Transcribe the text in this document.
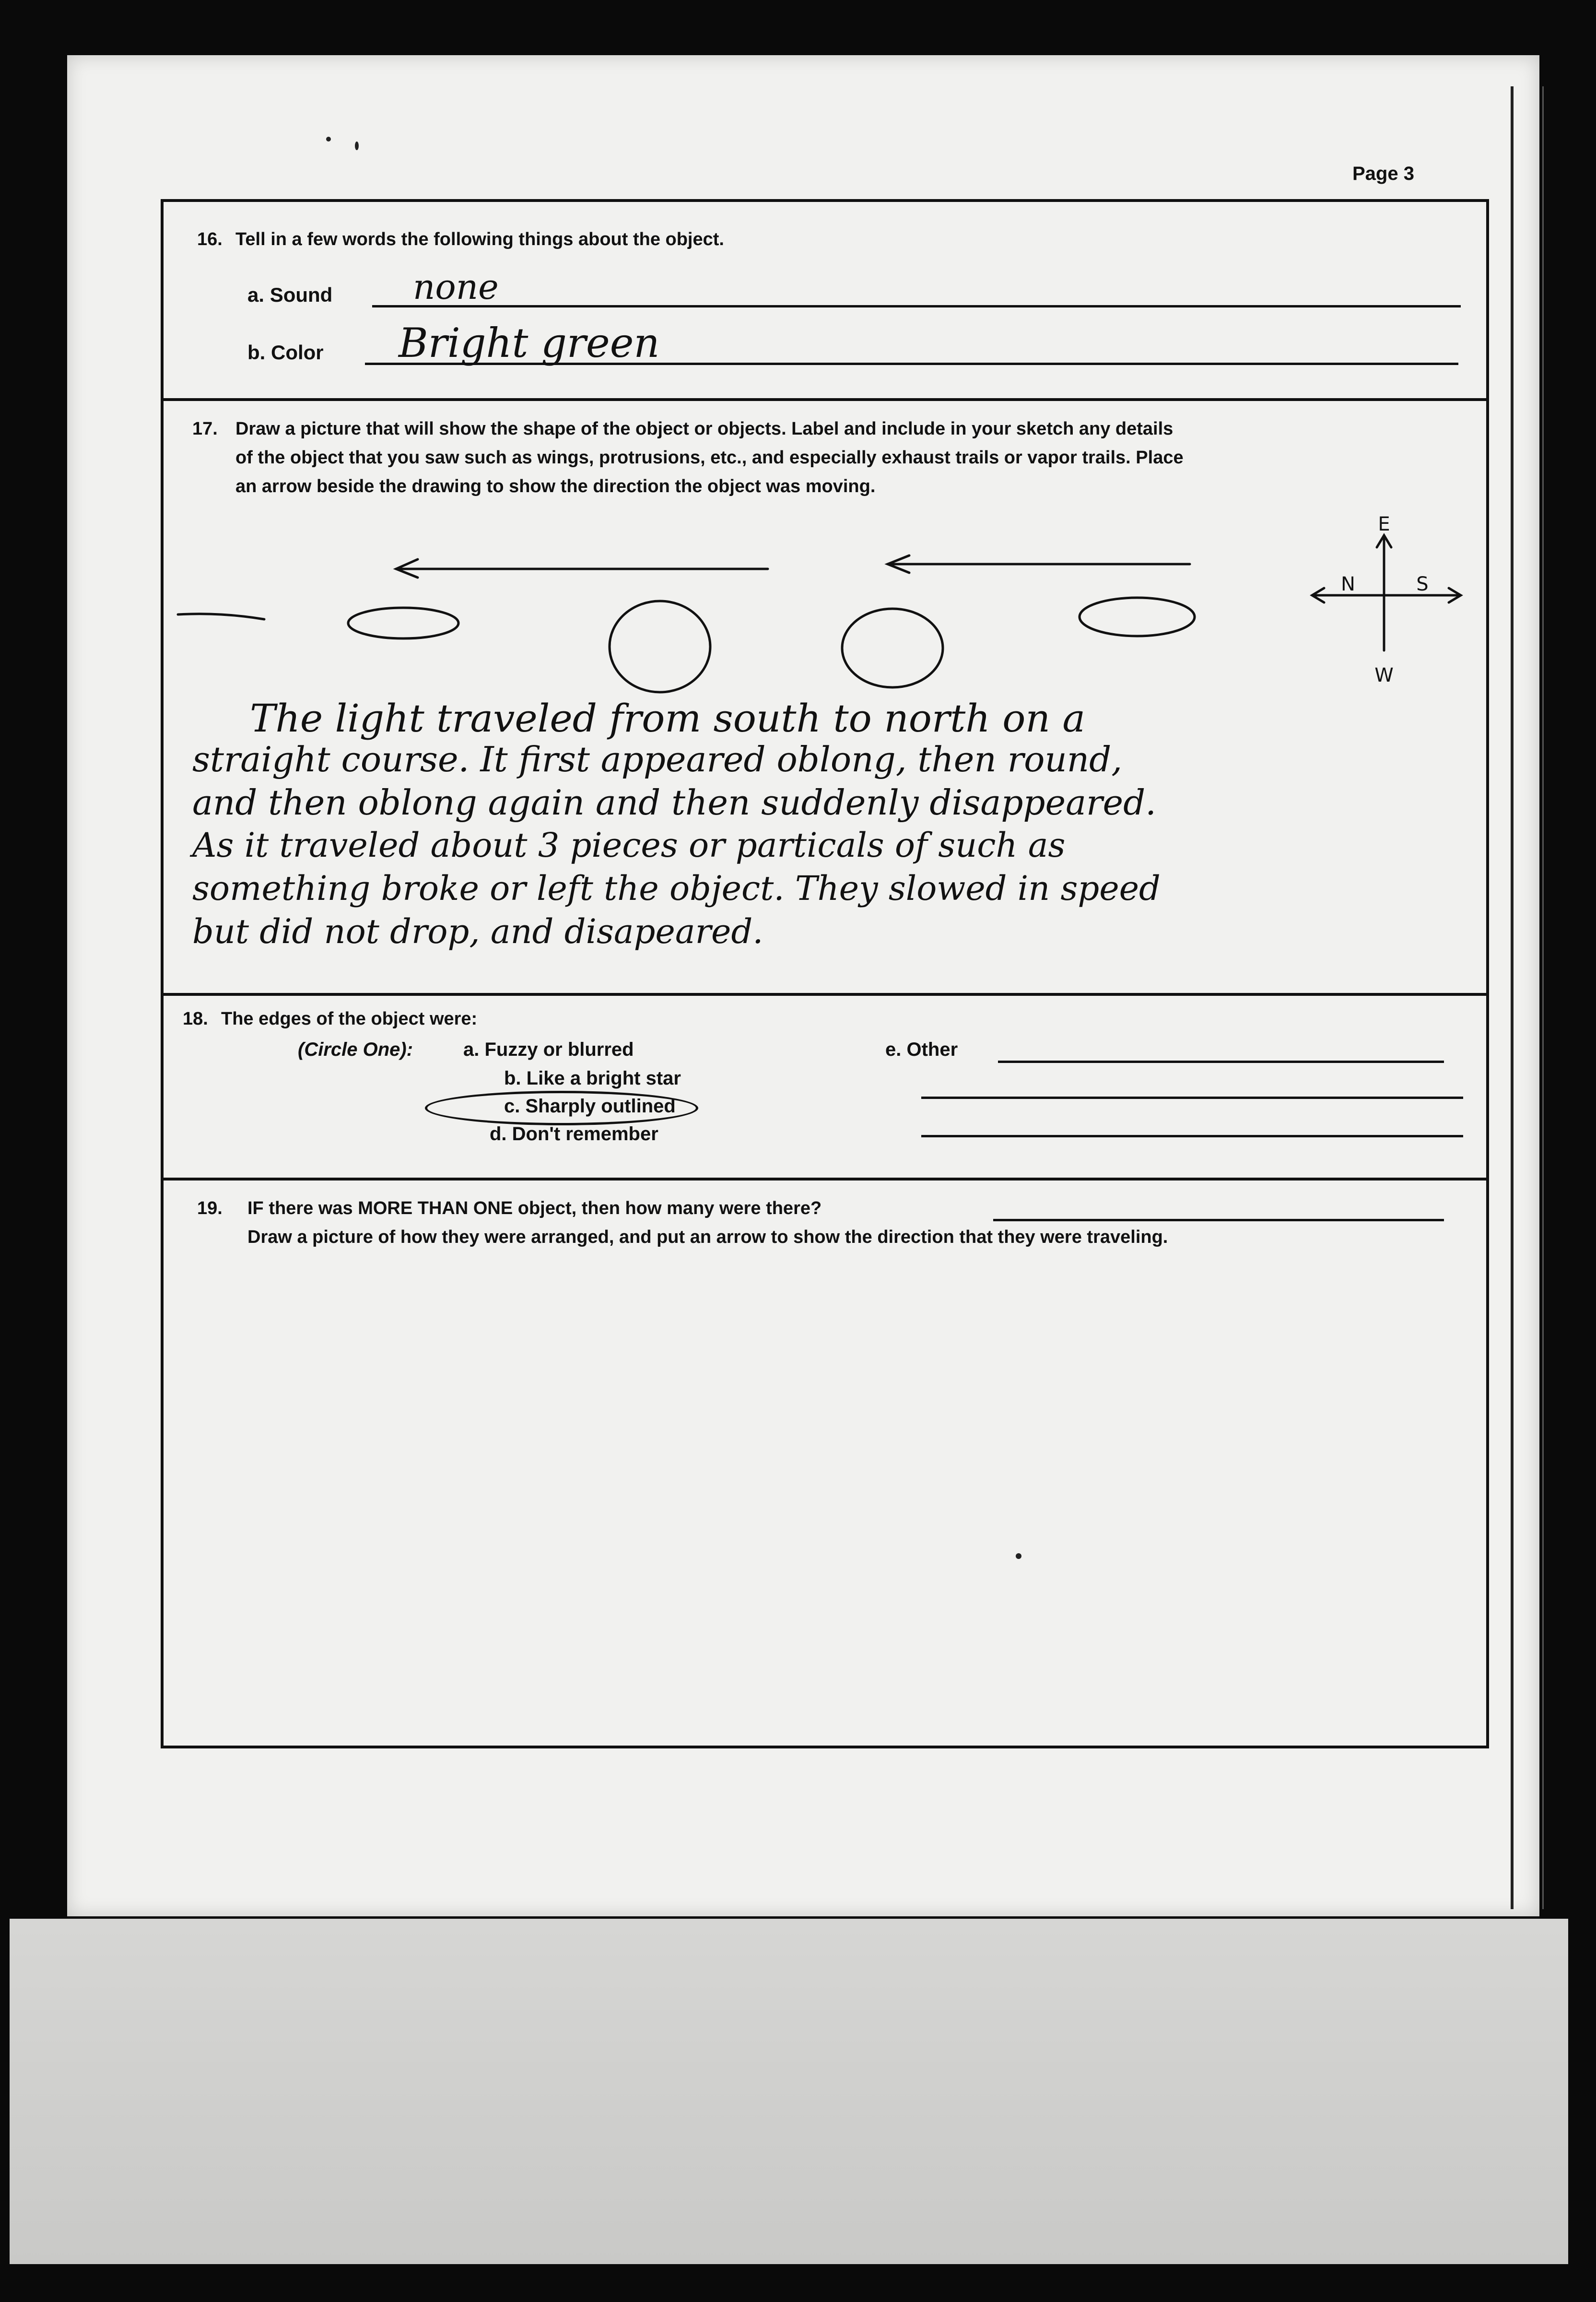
Page 3
16. Tell in a few words the following things about the object.
a. Sound none
b. Color Bright green
17. Draw a picture that will show the shape of the object or objects. Label and include in your sketch any details
of the object that you saw such as wings, protrusions, etc., and especially exhaust trails or vapor trails. Place
an arrow beside the drawing to show the direction the object was moving.
E
N	S
W
The light traveled from south to north on a
straight course. It first appeared oblong, then round,
and then oblong again and then suddenly disappeared.
As it traveled about 3 pieces or particals of such as
something broke or left the object. They slowed in speed
but did not drop, and disapeared.
18. The edges of the object were:
(Circle One):	a. Fuzzy or blurred
b. Like a bright star
c. Sharply outlined
d. Don't remember
e. Other
19. IF there was MORE THAN ONE object, then how many were there?
Draw a picture of how they were arranged, and put an arrow to show the direction that they were traveling.
